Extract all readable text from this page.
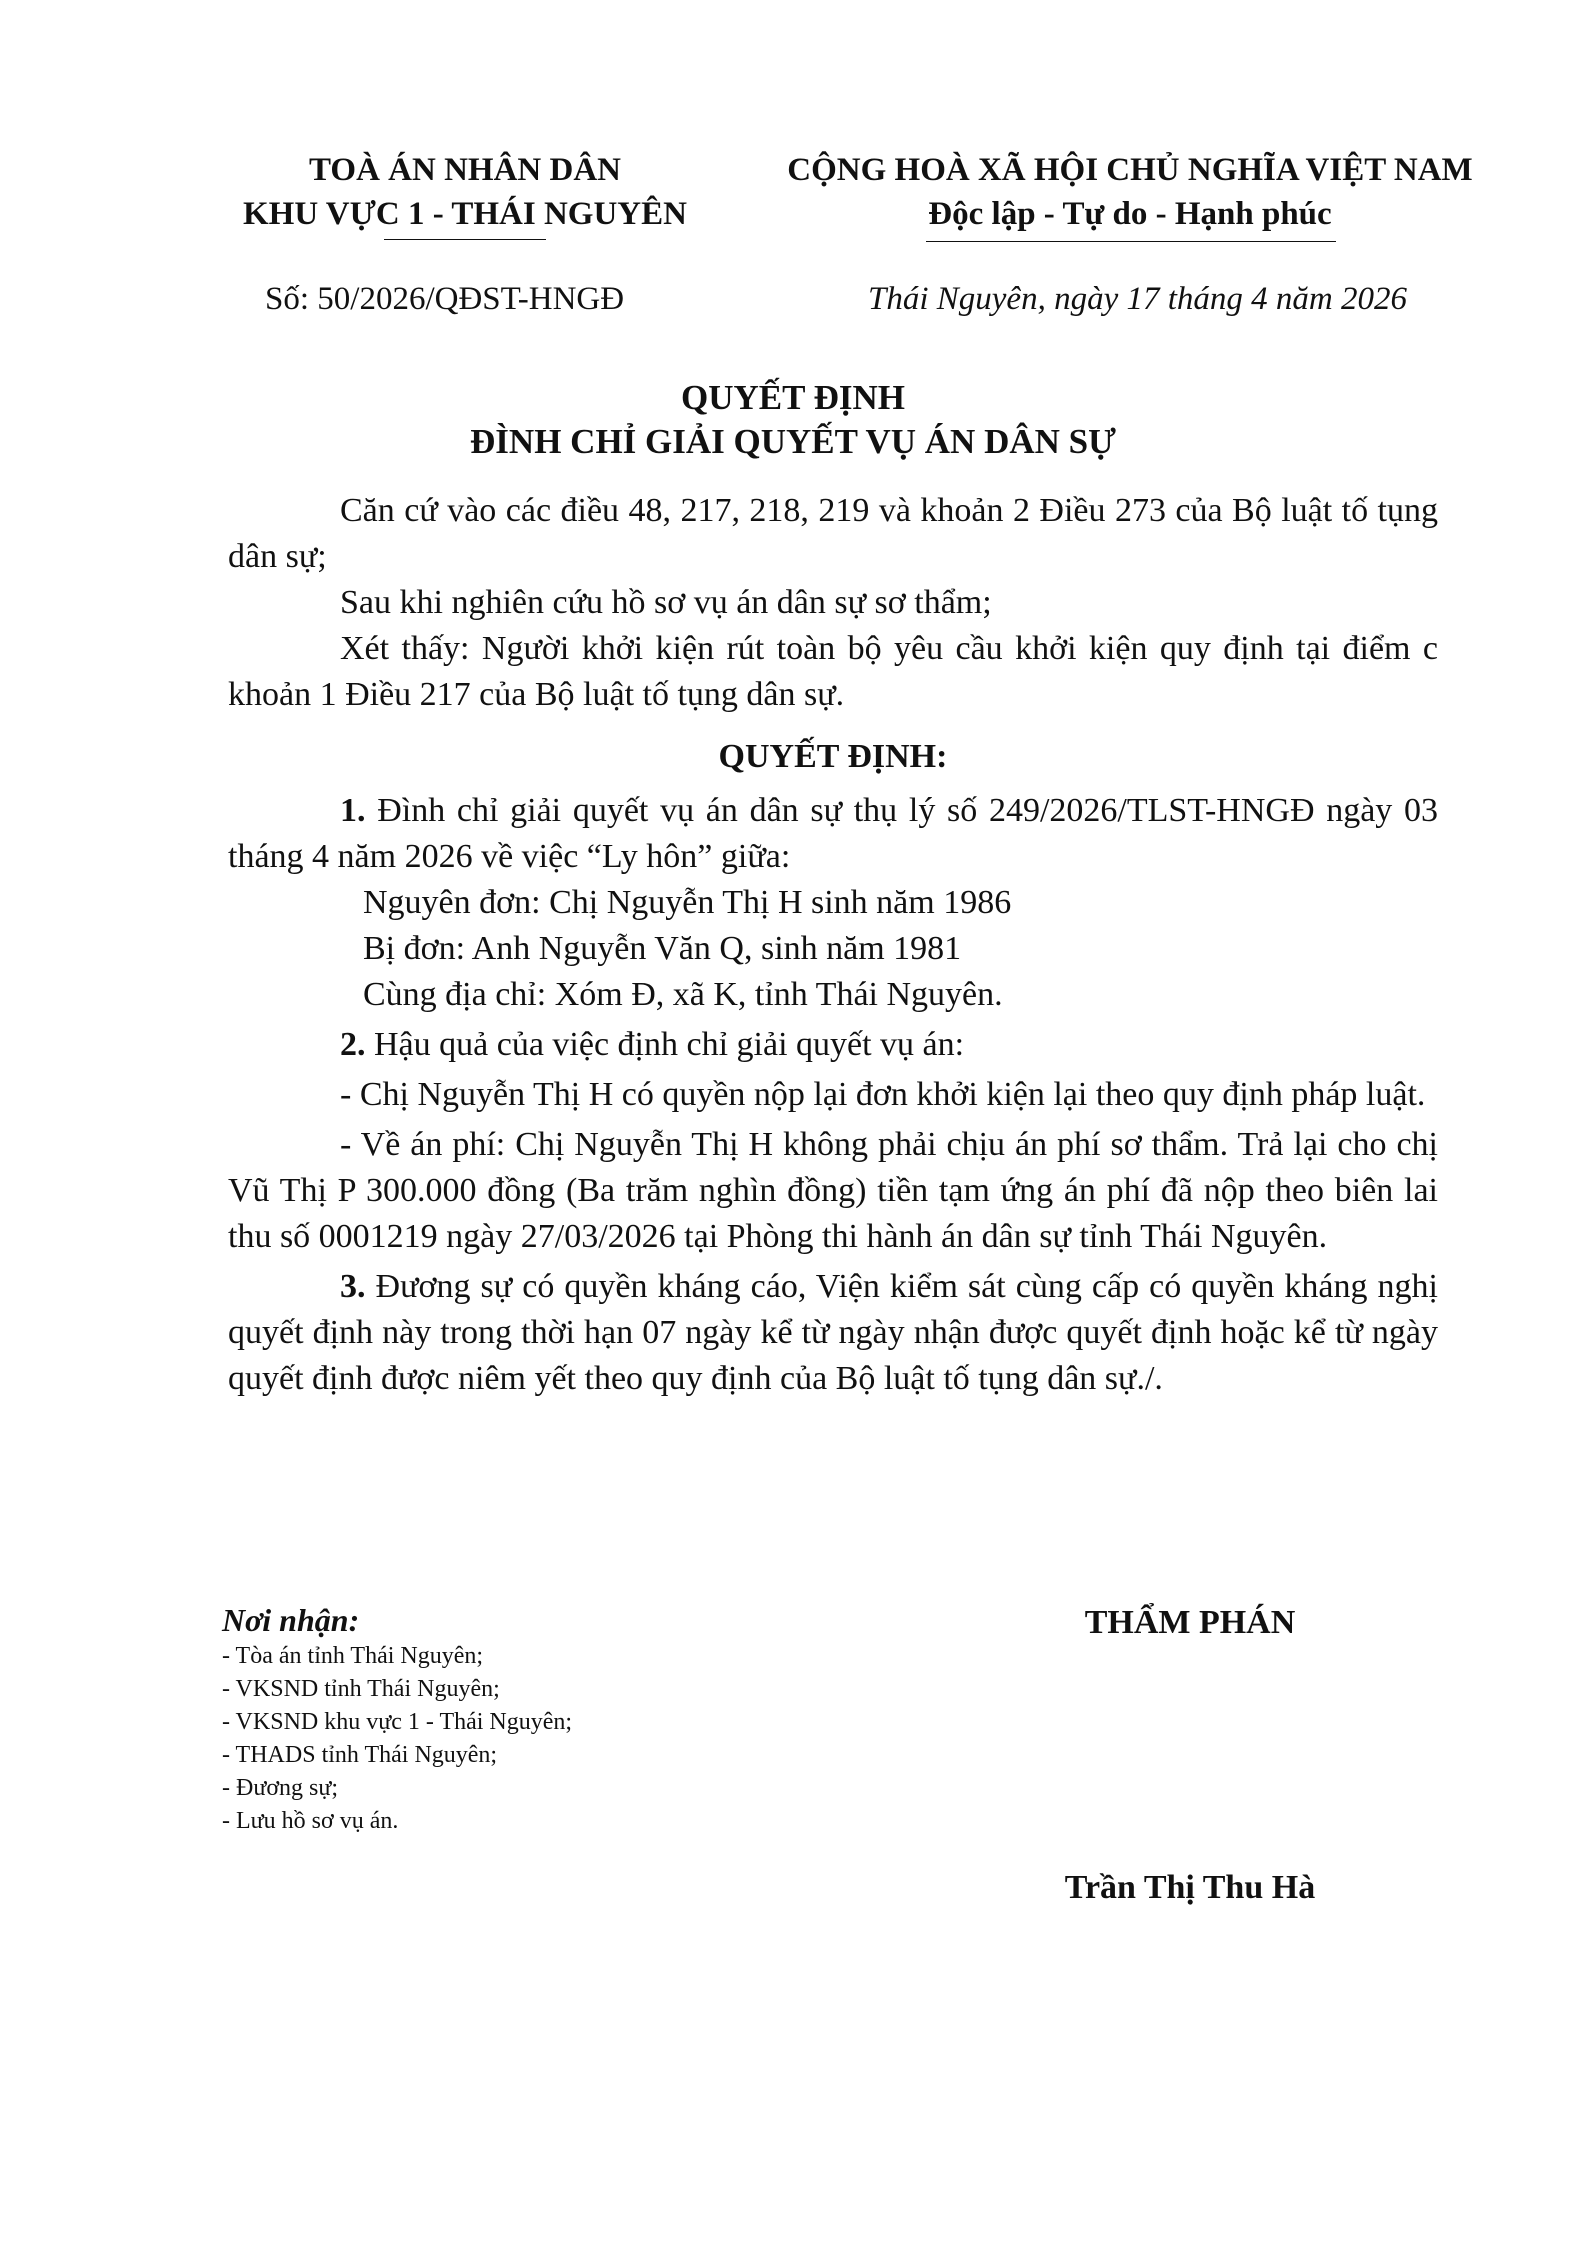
TOÀ ÁN NHÂN DÂN
KHU VỰC 1 - THÁI NGUYÊN
CỘNG HOÀ XÃ HỘI CHỦ NGHĨA VIỆT NAM
Độc lập - Tự do - Hạnh phúc
Số: 50/2026/QĐST-HNGĐ	Thái Nguyên, ngày 17 tháng 4 năm 2026
QUYẾT ĐỊNH
ĐÌNH CHỈ GIẢI QUYẾT VỤ ÁN DÂN SỰ

Căn cứ vào các điều 48, 217, 218, 219 và khoản 2 Điều 273 của Bộ luật tố tụng dân sự;

Sau khi nghiên cứu hồ sơ vụ án dân sự sơ thẩm;

Xét thấy: Người khởi kiện rút toàn bộ yêu cầu khởi kiện quy định tại điểm c khoản 1 Điều 217 của Bộ luật tố tụng dân sự.

QUYẾT ĐỊNH:

1. Đình chỉ giải quyết vụ án dân sự thụ lý số 249/2026/TLST-HNGĐ ngày 03 tháng 4 năm 2026 về việc “Ly hôn” giữa:

Nguyên đơn: Chị Nguyễn Thị H sinh năm 1986

Bị đơn: Anh Nguyễn Văn Q, sinh năm 1981

Cùng địa chỉ: Xóm Đ, xã K, tỉnh Thái Nguyên.

2. Hậu quả của việc định chỉ giải quyết vụ án:

- Chị Nguyễn Thị H có quyền nộp lại đơn khởi kiện lại theo quy định pháp luật.

- Về án phí: Chị Nguyễn Thị H không phải chịu án phí sơ thẩm. Trả lại cho chị Vũ Thị P 300.000 đồng (Ba trăm nghìn đồng) tiền tạm ứng án phí đã nộp theo biên lai thu số 0001219 ngày 27/03/2026 tại Phòng thi hành án dân sự tỉnh Thái Nguyên.

3. Đương sự có quyền kháng cáo, Viện kiểm sát cùng cấp có quyền kháng nghị quyết định này trong thời hạn 07 ngày kể từ ngày nhận được quyết định hoặc kể từ ngày quyết định được niêm yết theo quy định của Bộ luật tố tụng dân sự./.

Nơi nhận:
- Tòa án tỉnh Thái Nguyên;
- VKSND tỉnh Thái Nguyên;
- VKSND khu vực 1 - Thái Nguyên;
- THADS tỉnh Thái Nguyên;
- Đương sự;
- Lưu hồ sơ vụ án.
THẨM PHÁN
Trần Thị Thu Hà
